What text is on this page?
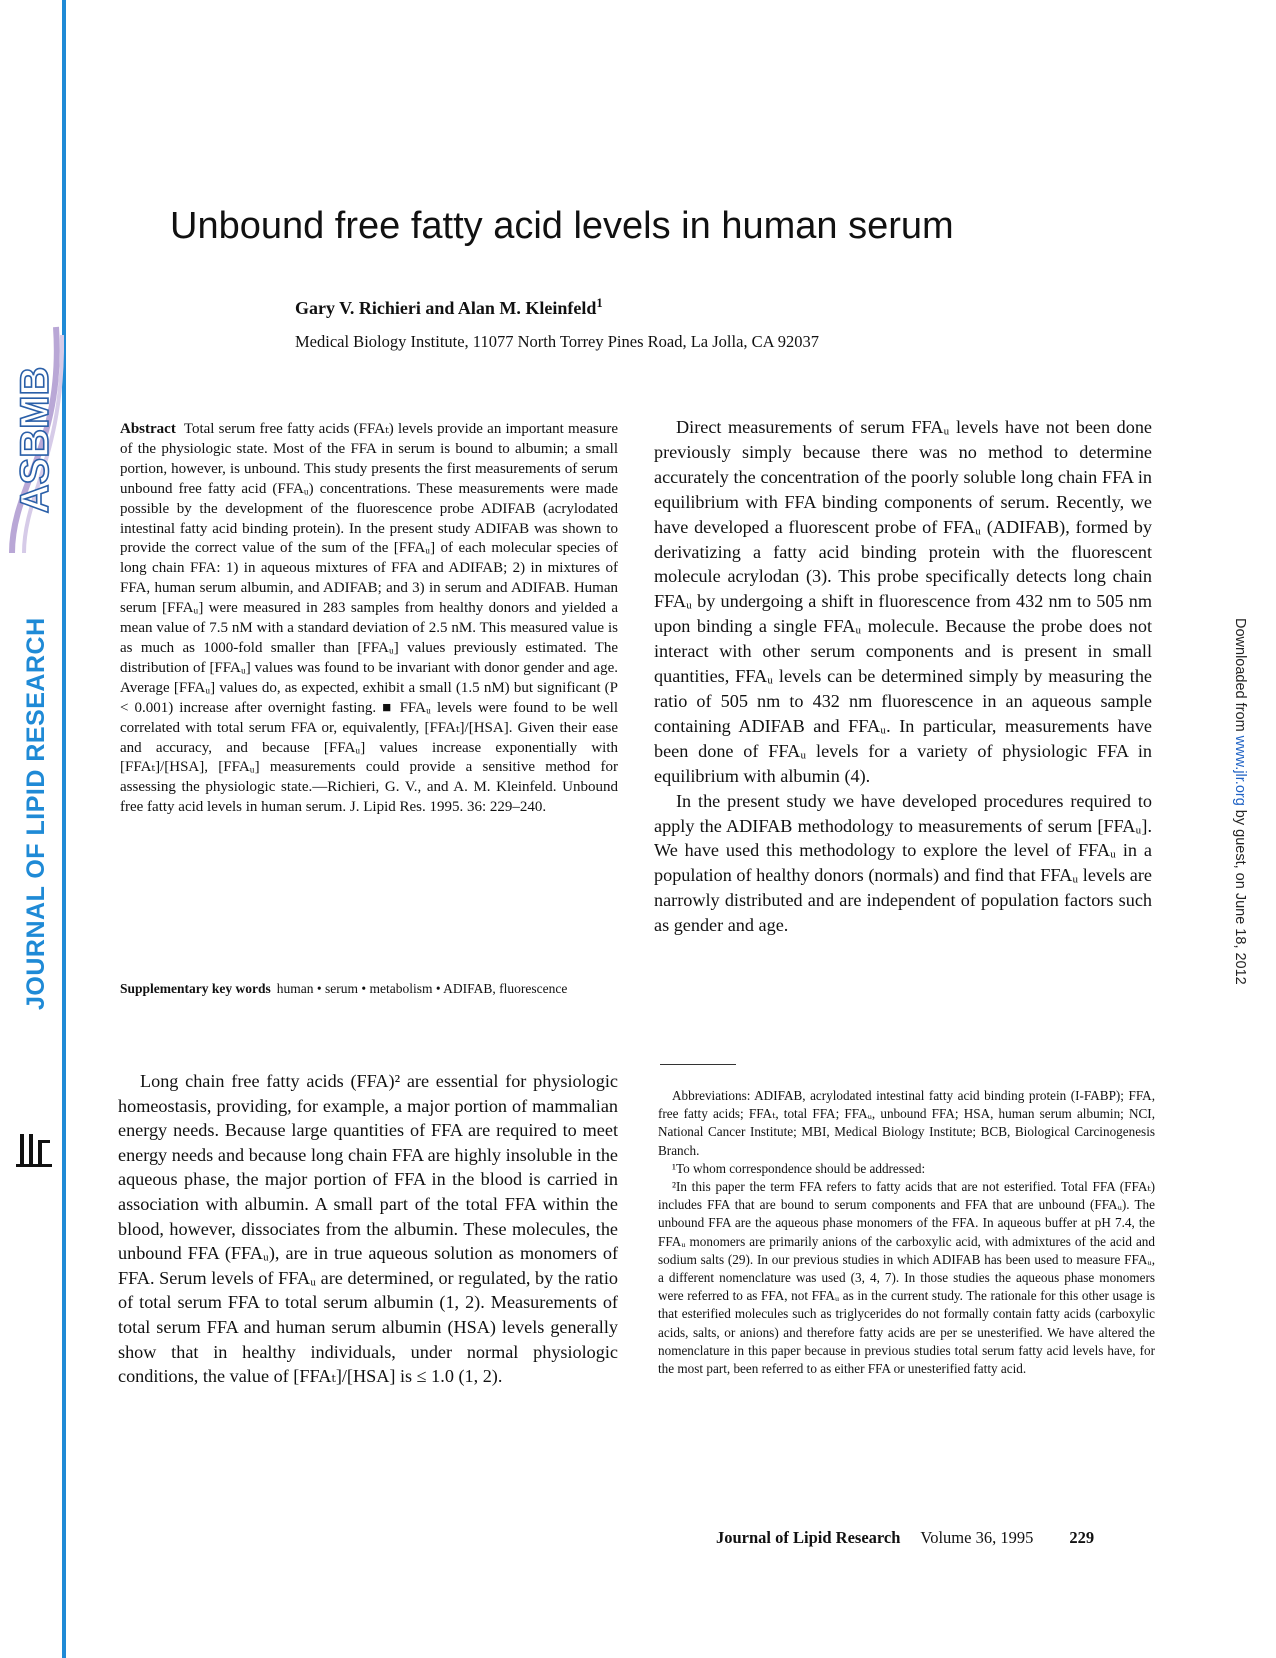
ASBMB
JOURNAL OF LIPID RESEARCH	Downloaded from www.jlr.org by guest, on June 18, 2012
Unbound free fatty acid levels in human serum
Gary V. Richieri and Alan M. Kleinfeld$^1$
Medical Biology Institute, 11077 North Torrey Pines Road, La Jolla, CA 92037

Abstract Total serum free fatty acids (FFAₜ) levels provide an important measure of the physiologic state. Most of the FFA in serum is bound to albumin; a small portion, however, is unbound. This study presents the first measurements of serum unbound free fatty acid (FFAᵤ) concentrations. These measurements were made possible by the development of the fluorescence probe ADIFAB (acrylodated intestinal fatty acid binding protein). In the present study ADIFAB was shown to provide the correct value of the sum of the [FFAᵤ] of each molecular species of long chain FFA: 1) in aqueous mixtures of FFA and ADIFAB; 2) in mixtures of FFA, human serum albumin, and ADIFAB; and 3) in serum and ADIFAB. Human serum [FFAᵤ] were measured in 283 samples from healthy donors and yielded a mean value of 7.5 nM with a standard deviation of 2.5 nM. This measured value is as much as 1000-fold smaller than [FFAᵤ] values previously estimated. The distribution of [FFAᵤ] values was found to be invariant with donor gender and age. Average [FFAᵤ] values do, as expected, exhibit a small (1.5 nM) but significant (P < 0.001) increase after overnight fasting. ■ FFAᵤ levels were found to be well correlated with total serum FFA or, equivalently, [FFAₜ]/[HSA]. Given their ease and accuracy, and because [FFAᵤ] values increase exponentially with [FFAₜ]/[HSA], [FFAᵤ] measurements could provide a sensitive method for assessing the physiologic state.—Richieri, G. V., and A. M. Kleinfeld. Unbound free fatty acid levels in human serum. J. Lipid Res. 1995. 36: 229–240.

Supplementary key words human • serum • metabolism • ADIFAB, fluorescence

Long chain free fatty acids (FFA)² are essential for physiologic homeostasis, providing, for example, a major portion of mammalian energy needs. Because large quantities of FFA are required to meet energy needs and because long chain FFA are highly insoluble in the aqueous phase, the major portion of FFA in the blood is carried in association with albumin. A small part of the total FFA within the blood, however, dissociates from the albumin. These molecules, the unbound FFA (FFAᵤ), are in true aqueous solution as monomers of FFA. Serum levels of FFAᵤ are determined, or regulated, by the ratio of total serum FFA to total serum albumin (1, 2). Measurements of total serum FFA and human serum albumin (HSA) levels generally show that in healthy individuals, under normal physiologic conditions, the value of [FFAₜ]/[HSA] is ≤ 1.0 (1, 2).

Direct measurements of serum FFAᵤ levels have not been done previously simply because there was no method to determine accurately the concentration of the poorly soluble long chain FFA in equilibrium with FFA binding components of serum. Recently, we have developed a fluorescent probe of FFAᵤ (ADIFAB), formed by derivatizing a fatty acid binding protein with the fluorescent molecule acrylodan (3). This probe specifically detects long chain FFAᵤ by undergoing a shift in fluorescence from 432 nm to 505 nm upon binding a single FFAᵤ molecule. Because the probe does not interact with other serum components and is present in small quantities, FFAᵤ levels can be determined simply by measuring the ratio of 505 nm to 432 nm fluorescence in an aqueous sample containing ADIFAB and FFAᵤ. In particular, measurements have been done of FFAᵤ levels for a variety of physiologic FFA in equilibrium with albumin (4).

In the present study we have developed procedures required to apply the ADIFAB methodology to measurements of serum [FFAᵤ]. We have used this methodology to explore the level of FFAᵤ in a population of healthy donors (normals) and find that FFAᵤ levels are narrowly distributed and are independent of population factors such as gender and age.

Abbreviations: ADIFAB, acrylodated intestinal fatty acid binding protein (I-FABP); FFA, free fatty acids; FFAₜ, total FFA; FFAᵤ, unbound FFA; HSA, human serum albumin; NCI, National Cancer Institute; MBI, Medical Biology Institute; BCB, Biological Carcinogenesis Branch.

¹To whom correspondence should be addressed:

²In this paper the term FFA refers to fatty acids that are not esterified. Total FFA (FFAₜ) includes FFA that are bound to serum components and FFA that are unbound (FFAᵤ). The unbound FFA are the aqueous phase monomers of the FFA. In aqueous buffer at pH 7.4, the FFAᵤ monomers are primarily anions of the carboxylic acid, with admixtures of the acid and sodium salts (29). In our previous studies in which ADIFAB has been used to measure FFAᵤ, a different nomenclature was used (3, 4, 7). In those studies the aqueous phase monomers were referred to as FFA, not FFAᵤ as in the current study. The rationale for this other usage is that esterified molecules such as triglycerides do not formally contain fatty acids (carboxylic acids, salts, or anions) and therefore fatty acids are per se unesterified. We have altered the nomenclature in this paper because in previous studies total serum fatty acid levels have, for the most part, been referred to as either FFA or unesterified fatty acid.

Journal of Lipid Research Volume 36, 1995 229
